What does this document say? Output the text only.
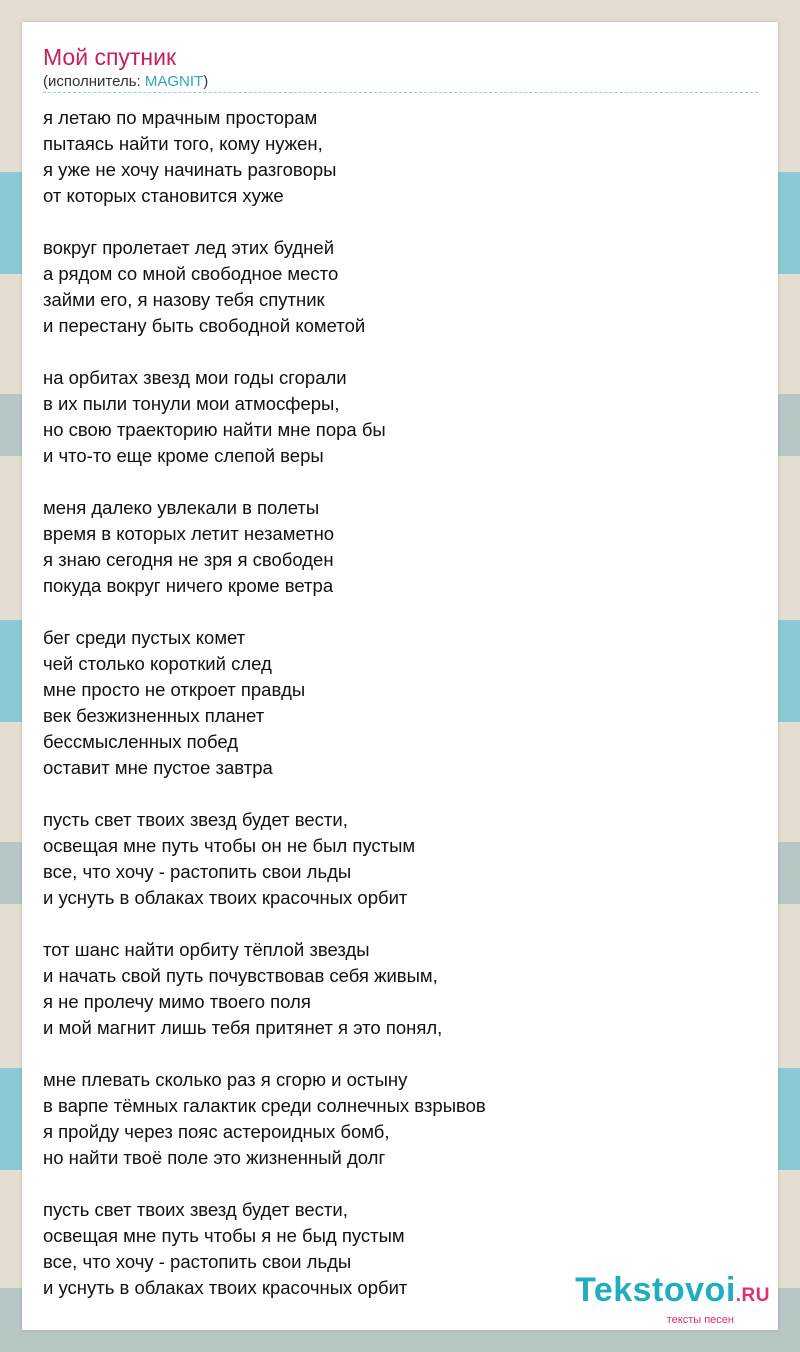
Мой спутник
(исполнитель: MAGNIT)
я летаю по мрачным просторам
пытаясь найти того, кому нужен,
я уже не хочу начинать разговоры
от которых становится хуже
вокруг пролетает лед этих будней
а рядом со мной свободное место
займи его, я назову тебя спутник
и перестану быть свободной кометой
на орбитах звезд мои годы сгорали
в их пыли тонули мои атмосферы,
но свою траекторию найти мне пора бы
и что-то еще кроме слепой веры
меня далеко увлекали в полеты
время в которых летит незаметно
я знаю сегодня не зря я свободен
покуда вокруг ничего кроме ветра
бег среди пустых комет
чей столько короткий след
мне просто не откроет правды
век безжизненных планет
бессмысленных побед
оставит мне пустое завтра
пусть свет твоих звезд будет вести,
освещая мне путь чтобы он не был пустым
все, что хочу - растопить свои льды
и уснуть в облаках твоих красочных орбит
тот шанс найти орбиту тёплой звезды
и начать свой путь почувствовав себя живым,
я не пролечу мимо твоего поля
и мой магнит лишь тебя притянет я это понял,
мне плевать сколько раз я сгорю и остыну
в варпе тёмных галактик среди солнечных взрывов
я пройду через пояс астероидных бомб,
но найти твоё поле это жизненный долг
пусть свет твоих звезд будет вести,
освещая мне путь чтобы я не быд пустым
все, что хочу - растопить свои льды
и уснуть в облаках твоих красочных орбит	Tekstovoi.RU
тексты песен
